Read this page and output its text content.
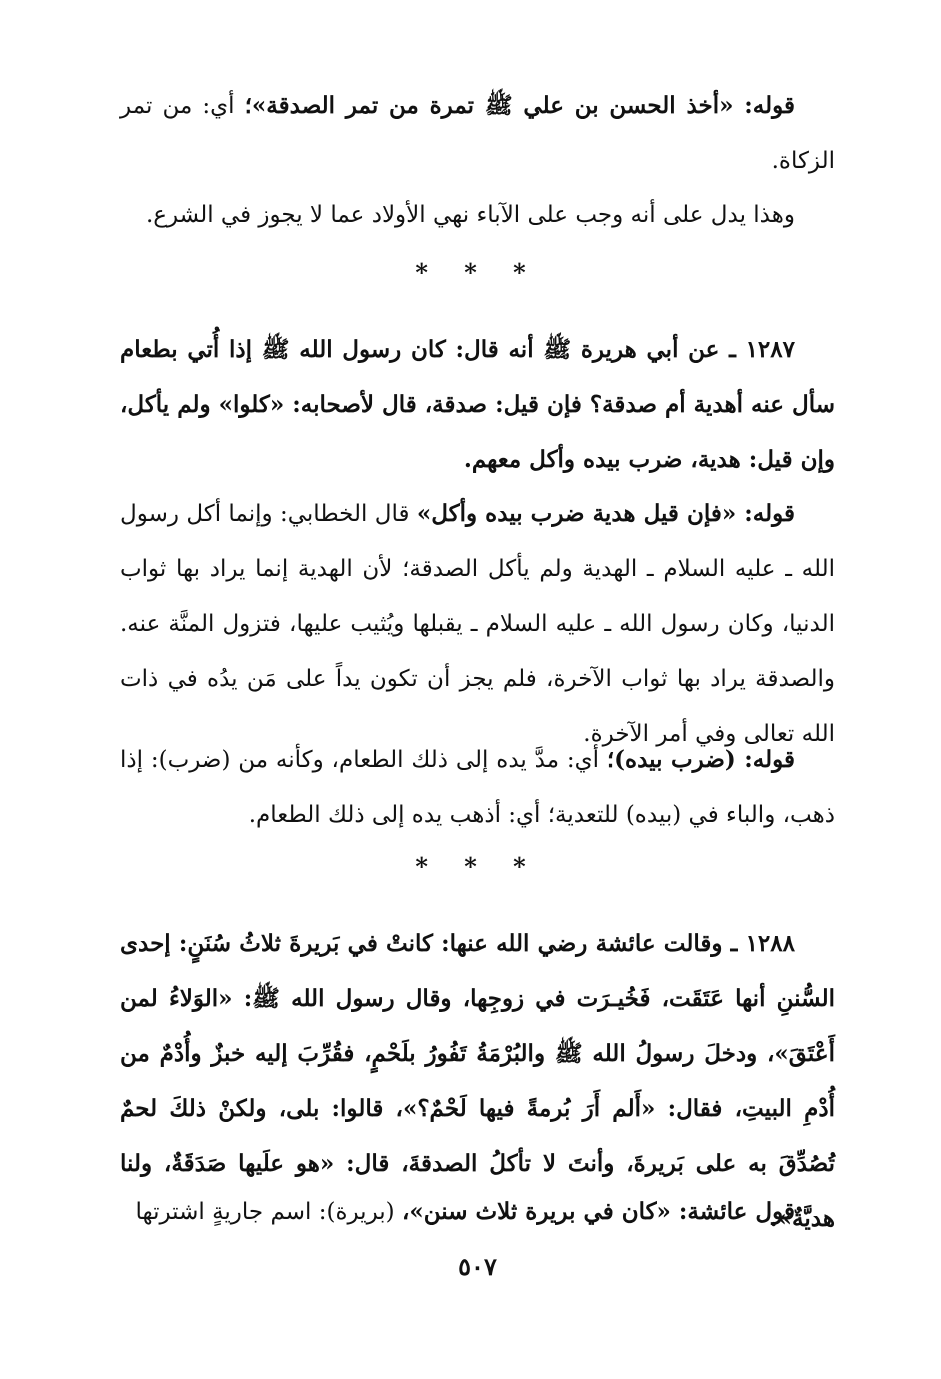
قوله: «أخذ الحسن بن علي ﷺ تمرة من تمر الصدقة»؛ أي: من تمر الزكاة.

وهذا يدل على أنه وجب على الآباء نهي الأولاد عما لا يجوز في الشرع.

* * *

١٢٨٧ ـ عن أبي هريرة ﷺ أنه قال: كان رسول الله ﷺ إذا أُتي بطعام سأل عنه أهدية أم صدقة؟ فإن قيل: صدقة، قال لأصحابه: «كلوا» ولم يأكل، وإن قيل: هدية، ضرب بيده وأكل معهم.

قوله: «فإن قيل هدية ضرب بيده وأكل» قال الخطابي: وإنما أكل رسول الله ـ عليه السلام ـ الهدية ولم يأكل الصدقة؛ لأن الهدية إنما يراد بها ثواب الدنيا، وكان رسول الله ـ عليه السلام ـ يقبلها ويُثيب عليها، فتزول المنَّة عنه. والصدقة يراد بها ثواب الآخرة، فلم يجز أن تكون يداً على مَن يدُه في ذات الله تعالى وفي أمر الآخرة.

قوله: (ضرب بيده)؛ أي: مدَّ يده إلى ذلك الطعام، وكأنه من (ضرب): إذا ذهب، والباء في (بيده) للتعدية؛ أي: أذهب يده إلى ذلك الطعام.

* * *

١٢٨٨ ـ وقالت عائشة رضي الله عنها: كانتْ في بَريرةَ ثلاثُ سُنَنٍ: إحدى السُّننِ أنها عَتَقَت، فَخُيـرَت في زوجِها، وقال رسول الله ﷺ: «الوَلاءُ لمن أَعْتَقَ»، ودخلَ رسولُ الله ﷺ والبُرْمَةُ تَفُورُ بلَحْمٍ، فقُرِّبَ إليه خبزٌ وأُدْمٌ من أُدْمِ البيتِ، فقال: «أَلم أَرَ بُرمةً فيها لَحْمٌ؟»، قالوا: بلى، ولكنْ ذلكَ لحمٌ تُصُدِّقَ به على بَريرةَ، وأنتَ لا تأكلُ الصدقةَ، قال: «هو علَيها صَدَقَةٌ، ولنا هديَّةٌ».

قول عائشة: «كان في بريرة ثلاث سنن»، (بريرة): اسم جاريةٍ اشترتها

٥٠٧
